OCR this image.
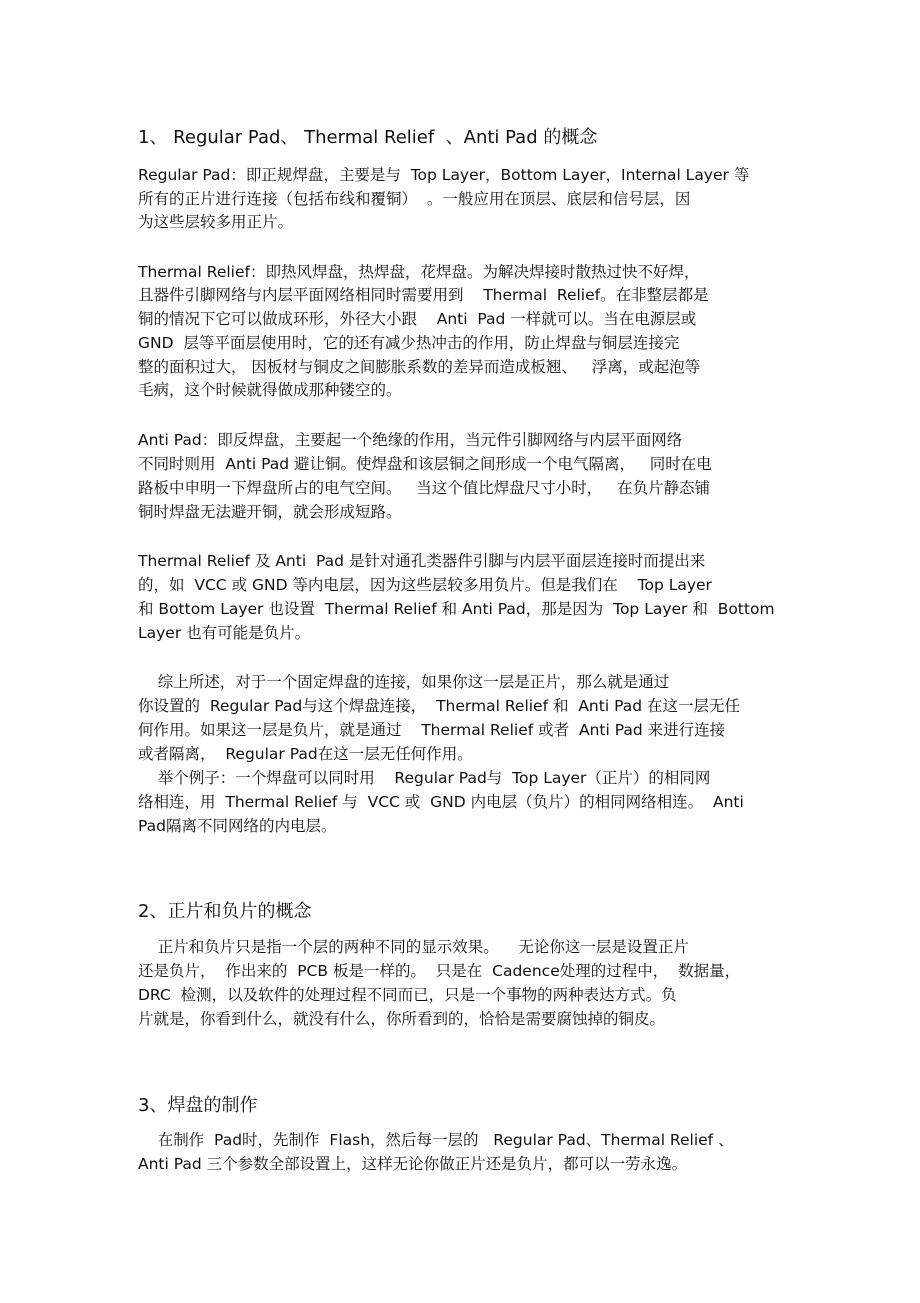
1、 Regular Pad、 Thermal Relief  、Anti Pad 的概念
Regular Pad：即正规焊盘，主要是与  Top Layer，Bottom Layer，Internal Layer 等
所有的正片进行连接（包括布线和覆铜）  。一般应用在顶层、底层和信号层，因
为这些层较多用正片。
Thermal Relief：即热风焊盘，热焊盘，花焊盘。为解决焊接时散热过快不好焊，
且器件引脚网络与内层平面网络相同时需要用到    Thermal  Relief。在非整层都是
铜的情况下它可以做成环形，外径大小跟    Anti  Pad 一样就可以。当在电源层或
GND  层等平面层使用时，它的还有减少热冲击的作用，防止焊盘与铜层连接完
整的面积过大， 因板材与铜皮之间膨胀系数的差异而造成板翘、   浮离，或起泡等
毛病，这个时候就得做成那种镂空的。
Anti Pad：即反焊盘，主要起一个绝缘的作用，当元件引脚网络与内层平面网络
不同时则用  Anti Pad 避让铜。使焊盘和该层铜之间形成一个电气隔离，   同时在电
路板中申明一下焊盘所占的电气空间。   当这个值比焊盘尺寸小时，   在负片静态铺
铜时焊盘无法避开铜，就会形成短路。
Thermal Relief 及 Anti  Pad 是针对通孔类器件引脚与内层平面层连接时而提出来
的，如  VCC 或 GND 等内电层，因为这些层较多用负片。但是我们在    Top Layer
和 Bottom Layer 也设置  Thermal Relief 和 Anti Pad，那是因为  Top Layer 和  Bottom
Layer 也有可能是负片。
综上所述，对于一个固定焊盘的连接，如果你这一层是正片，那么就是通过
你设置的  Regular Pad与这个焊盘连接，  Thermal Relief 和  Anti Pad 在这一层无任
何作用。如果这一层是负片，就是通过    Thermal Relief 或者  Anti Pad 来进行连接
或者隔离，  Regular Pad在这一层无任何作用。
举个例子：一个焊盘可以同时用    Regular Pad与  Top Layer（正片）的相同网
络相连，用  Thermal Relief 与  VCC 或  GND 内电层（负片）的相同网络相连。  Anti
Pad隔离不同网络的内电层。
2、正片和负片的概念
正片和负片只是指一个层的两种不同的显示效果。    无论你这一层是设置正片
还是负片，  作出来的  PCB 板是一样的。  只是在  Cadence处理的过程中，  数据量，
DRC  检测，以及软件的处理过程不同而已，只是一个事物的两种表达方式。负
片就是，你看到什么，就没有什么，你所看到的，恰恰是需要腐蚀掉的铜皮。
3、焊盘的制作
在制作  Pad时，先制作  Flash，然后每一层的   Regular Pad、Thermal Relief 、
Anti Pad 三个参数全部设置上，这样无论你做正片还是负片，都可以一劳永逸。
